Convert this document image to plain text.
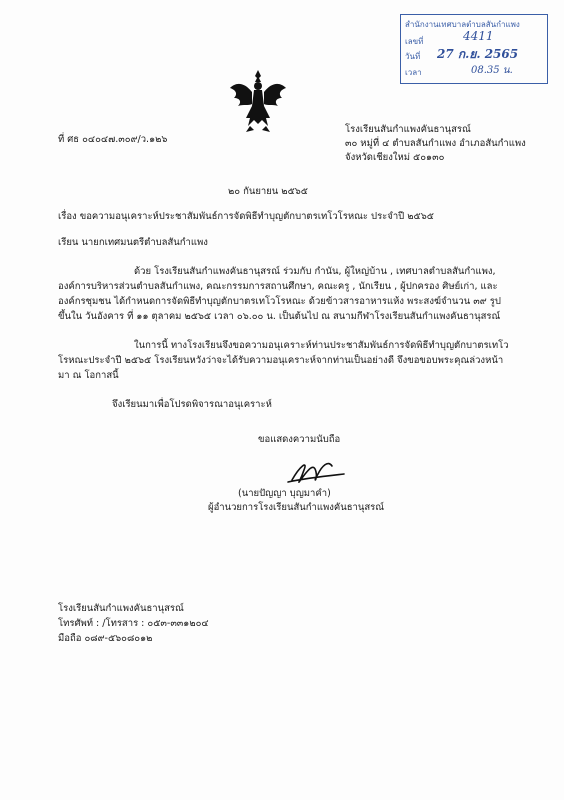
สำนักงานเทศบาลตำบลสันกำแพง
เลขที่
วันที่
เวลา
4411
27 ก.ย. 2565
08.35 น.
ที่ ศธ ๐๔๐๔๗.๓๐๙/ว.๑๒๖
โรงเรียนสันกำแพงคันธานุสรณ์
๓๐ หมู่ที่ ๔ ตำบลสันกำแพง อำเภอสันกำแพง
จังหวัดเชียงใหม่ ๕๐๑๓๐
๒๐ กันยายน ๒๕๖๕
เรื่อง ขอความอนุเคราะห์ประชาสัมพันธ์การจัดพิธีทำบุญตักบาตรเทโวโรหณะ ประจำปี ๒๕๖๕
เรียน นายกเทศมนตรีตำบลสันกำแพง
ด้วย โรงเรียนสันกำแพงคันธานุสรณ์ ร่วมกับ กำนัน, ผู้ใหญ่บ้าน , เทศบาลตำบลสันกำแพง,
องค์การบริหารส่วนตำบลสันกำแพง, คณะกรรมการสถานศึกษา, คณะครู , นักเรียน , ผู้ปกครอง ศิษย์เก่า, และ
องค์กรชุมชน ได้กำหนดการจัดพิธีทำบุญตักบาตรเทโวโรหณะ ด้วยข้าวสารอาหารแห้ง พระสงฆ์จำนวน ๓๙ รูป
ขึ้นใน วันอังคาร ที่ ๑๑ ตุลาคม ๒๕๖๕ เวลา ๐๖.๐๐ น. เป็นต้นไป ณ สนามกีฬาโรงเรียนสันกำแพงคันธานุสรณ์
ในการนี้ ทางโรงเรียนจึงขอความอนุเคราะห์ท่านประชาสัมพันธ์การจัดพิธีทำบุญตักบาตรเทโว
โรหณะประจำปี ๒๕๖๕ โรงเรียนหวังว่าจะได้รับความอนุเคราะห์จากท่านเป็นอย่างดี จึงขอขอบพระคุณล่วงหน้า
มา ณ โอกาสนี้
จึงเรียนมาเพื่อโปรดพิจารณาอนุเคราะห์
ขอแสดงความนับถือ
(นายปัญญา บุญมาคำ)
ผู้อำนวยการโรงเรียนสันกำแพงคันธานุสรณ์
โรงเรียนสันกำแพงคันธานุสรณ์
โทรศัพท์ : /โทรสาร : ๐๕๓-๓๓๑๒๐๔
มือถือ ๐๘๙-๕๖๐๘๐๑๒
